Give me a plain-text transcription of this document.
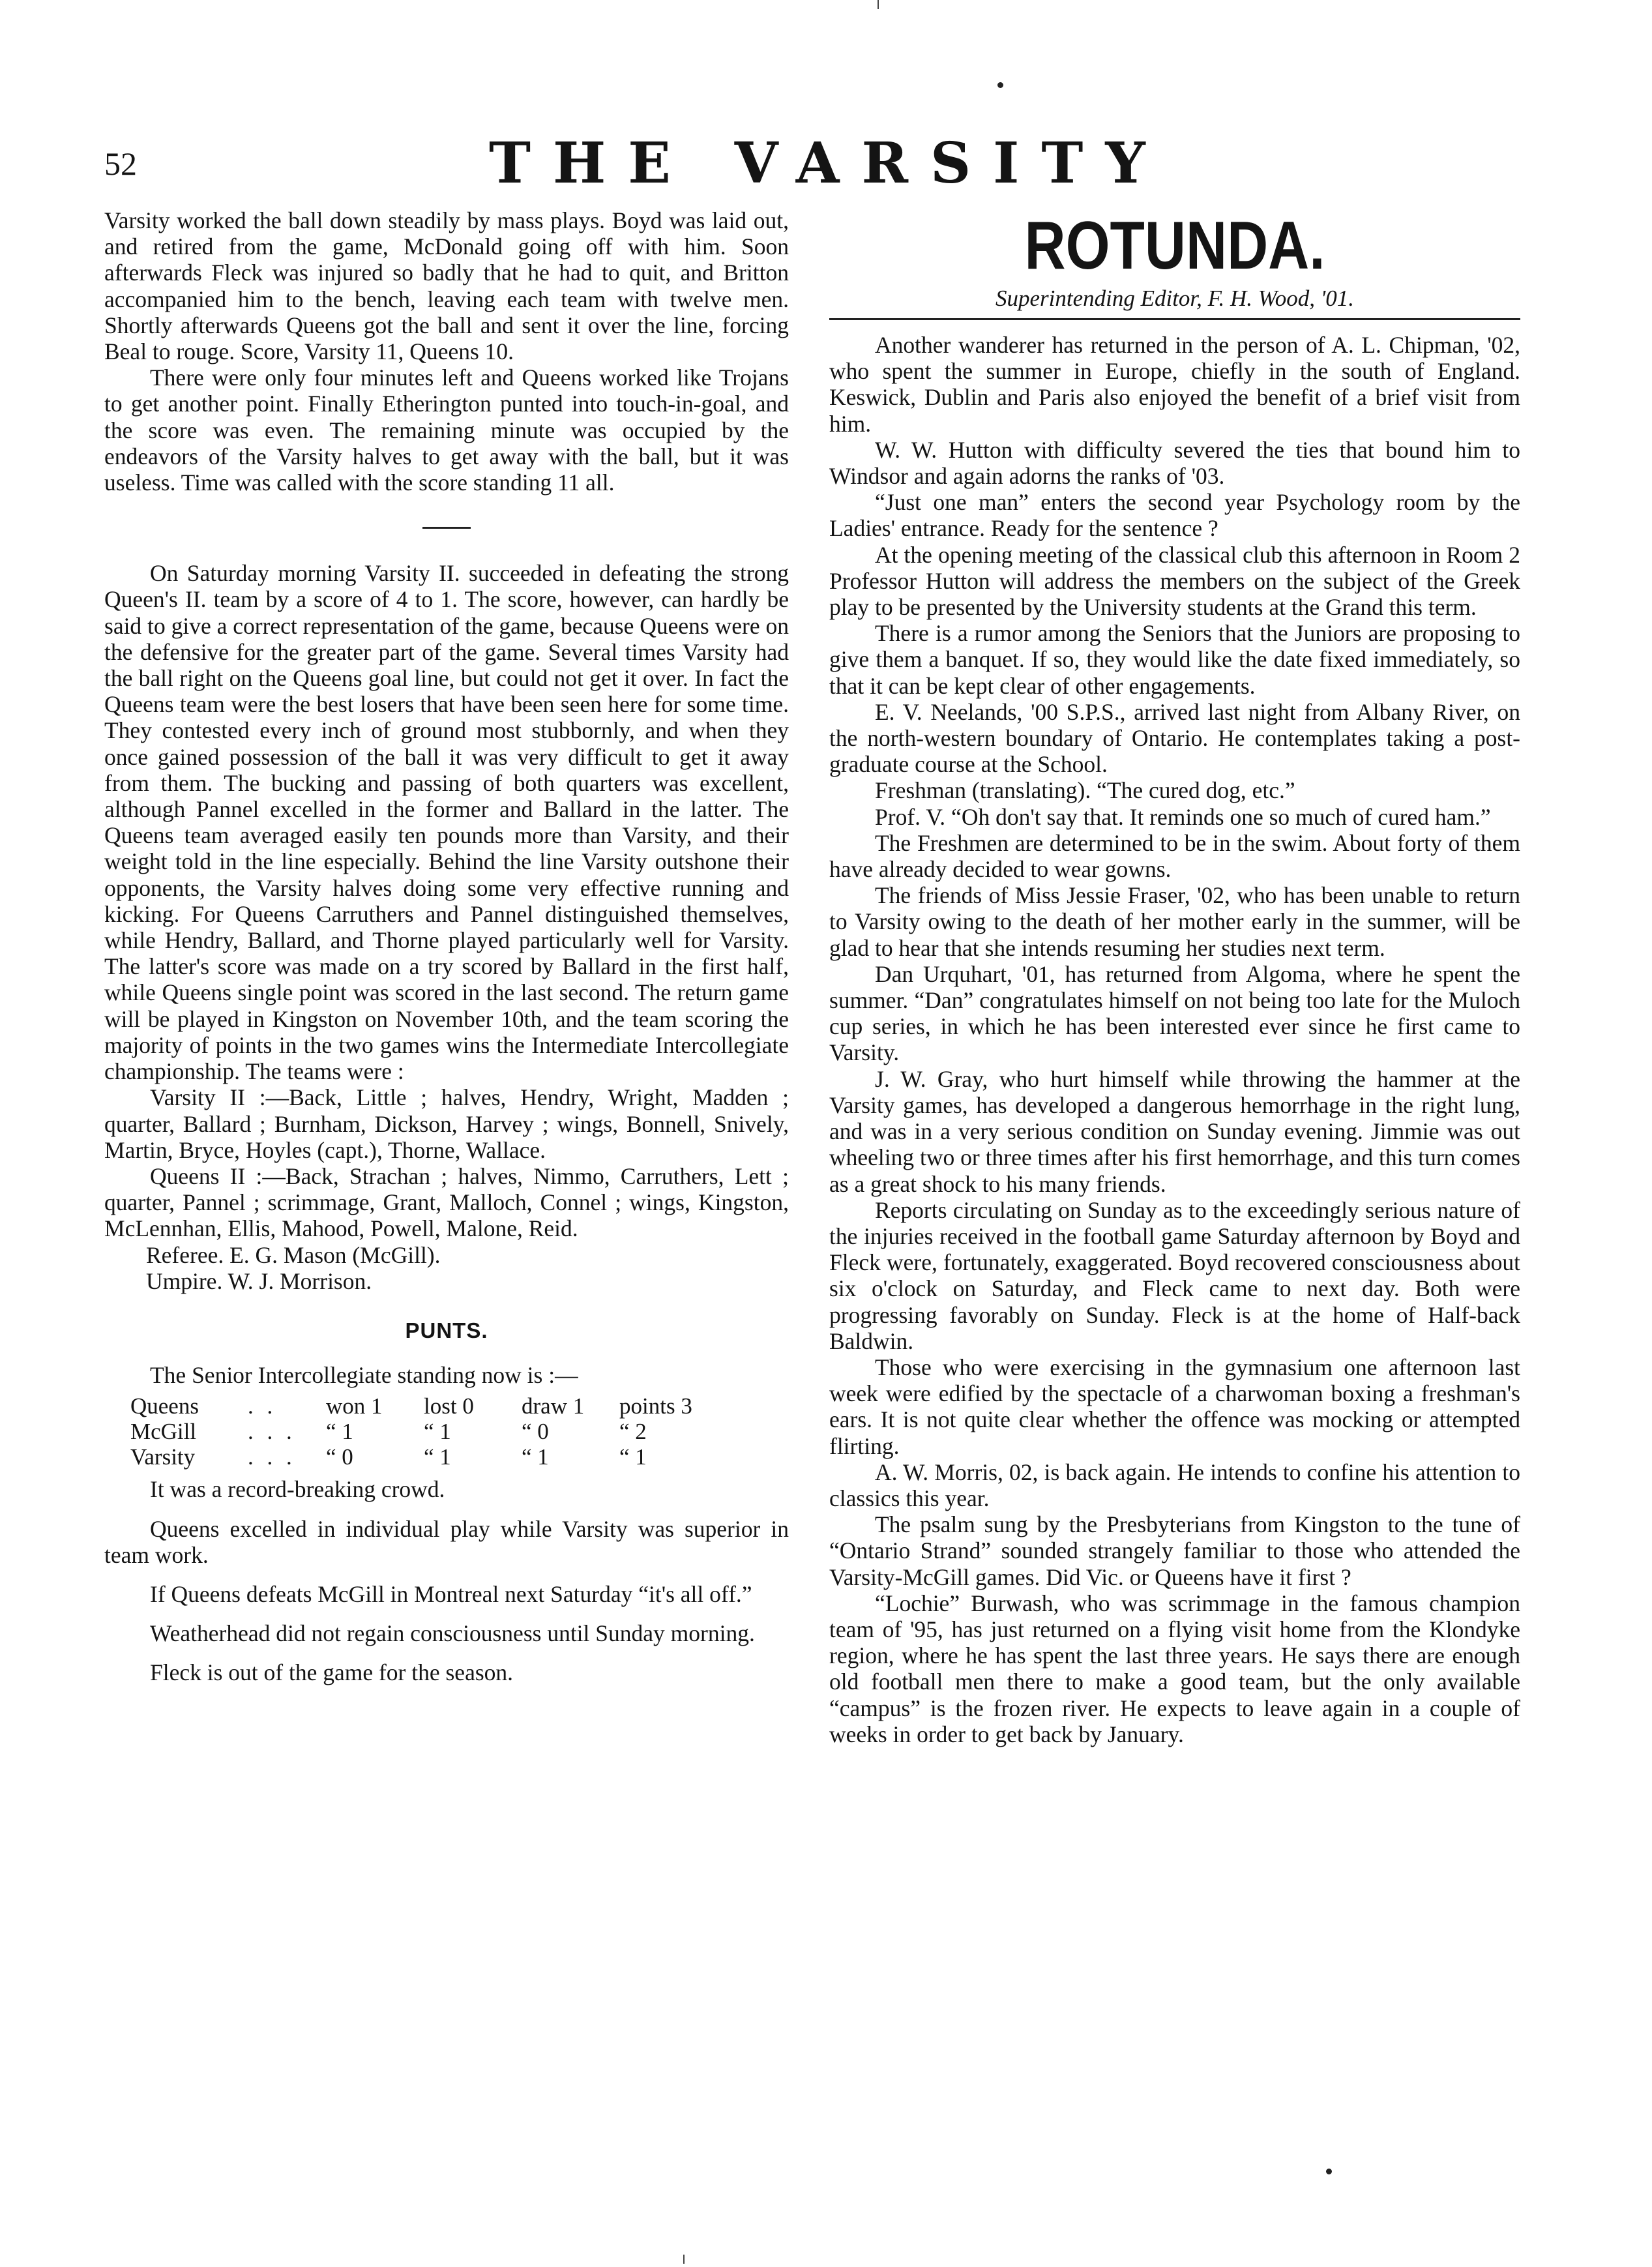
52	THE VARSITY

Varsity worked the ball down steadily by mass plays. Boyd was laid out, and retired from the game, McDonald going off with him. Soon afterwards Fleck was injured so badly that he had to quit, and Britton accompanied him to the bench, leaving each team with twelve men. Shortly afterwards Queens got the ball and sent it over the line, forcing Beal to rouge. Score, Varsity 11, Queens 10.

There were only four minutes left and Queens worked like Trojans to get another point. Finally Etherington punted into touch-in-goal, and the score was even. The remaining minute was occupied by the endeavors of the Varsity halves to get away with the ball, but it was useless. Time was called with the score standing 11 all.

On Saturday morning Varsity II. succeeded in defeating the strong Queen's II. team by a score of 4 to 1. The score, however, can hardly be said to give a correct representation of the game, because Queens were on the defensive for the greater part of the game. Several times Varsity had the ball right on the Queens goal line, but could not get it over. In fact the Queens team were the best losers that have been seen here for some time. They contested every inch of ground most stubbornly, and when they once gained possession of the ball it was very difficult to get it away from them. The bucking and passing of both quarters was excellent, although Pannel excelled in the former and Ballard in the latter. The Queens team averaged easily ten pounds more than Varsity, and their weight told in the line especially. Behind the line Varsity outshone their opponents, the Varsity halves doing some very effective running and kicking. For Queens Carruthers and Pannel distinguished themselves, while Hendry, Ballard, and Thorne played particularly well for Varsity. The latter's score was made on a try scored by Ballard in the first half, while Queens single point was scored in the last second. The return game will be played in Kingston on November 10th, and the team scoring the majority of points in the two games wins the Intermediate Intercollegiate championship. The teams were :

Varsity II :—Back, Little ; halves, Hendry, Wright, Madden ; quarter, Ballard ; Burnham, Dickson, Harvey ; wings, Bonnell, Snively, Martin, Bryce, Hoyles (capt.), Thorne, Wallace.

Queens II :—Back, Strachan ; halves, Nimmo, Carruthers, Lett ; quarter, Pannel ; scrimmage, Grant, Malloch, Connel ; wings, Kingston, McLennhan, Ellis, Mahood, Powell, Malone, Reid.

Referee. E. G. Mason (McGill).

Umpire. W. J. Morrison.

PUNTS.

The Senior Intercollegiate standing now is :—

Queens	. .	won 1	lost 0	draw 1	points 3
McGill	. . .	“ 1	“ 1	“ 0	“ 2
Varsity	. . .	“ 0	“ 1	“ 1	“ 1

It was a record-breaking crowd.

Queens excelled in individual play while Varsity was superior in team work.

If Queens defeats McGill in Montreal next Saturday “it's all off.”

Weatherhead did not regain consciousness until Sunday morning.

Fleck is out of the game for the season.

ROTUNDA.
Superintending Editor, F. H. Wood, '01.

Another wanderer has returned in the person of A. L. Chipman, '02, who spent the summer in Europe, chiefly in the south of England. Keswick, Dublin and Paris also enjoyed the benefit of a brief visit from him.

W. W. Hutton with difficulty severed the ties that bound him to Windsor and again adorns the ranks of '03.

“Just one man” enters the second year Psychology room by the Ladies' entrance. Ready for the sentence ?

At the opening meeting of the classical club this afternoon in Room 2 Professor Hutton will address the members on the subject of the Greek play to be presented by the University students at the Grand this term.

There is a rumor among the Seniors that the Juniors are proposing to give them a banquet. If so, they would like the date fixed immediately, so that it can be kept clear of other engagements.

E. V. Neelands, '00 S.P.S., arrived last night from Albany River, on the north-western boundary of Ontario. He contemplates taking a post-graduate course at the School.

Freshman (translating). “The cured dog, etc.”

Prof. V. “Oh don't say that. It reminds one so much of cured ham.”

The Freshmen are determined to be in the swim. About forty of them have already decided to wear gowns.

The friends of Miss Jessie Fraser, '02, who has been unable to return to Varsity owing to the death of her mother early in the summer, will be glad to hear that she intends resuming her studies next term.

Dan Urquhart, '01, has returned from Algoma, where he spent the summer. “Dan” congratulates himself on not being too late for the Muloch cup series, in which he has been interested ever since he first came to Varsity.

J. W. Gray, who hurt himself while throwing the hammer at the Varsity games, has developed a dangerous hemorrhage in the right lung, and was in a very serious condition on Sunday evening. Jimmie was out wheeling two or three times after his first hemorrhage, and this turn comes as a great shock to his many friends.

Reports circulating on Sunday as to the exceedingly serious nature of the injuries received in the football game Saturday afternoon by Boyd and Fleck were, fortunately, exaggerated. Boyd recovered consciousness about six o'clock on Saturday, and Fleck came to next day. Both were progressing favorably on Sunday. Fleck is at the home of Half-back Baldwin.

Those who were exercising in the gymnasium one afternoon last week were edified by the spectacle of a charwoman boxing a freshman's ears. It is not quite clear whether the offence was mocking or attempted flirting.

A. W. Morris, 02, is back again. He intends to confine his attention to classics this year.

The psalm sung by the Presbyterians from Kingston to the tune of “Ontario Strand” sounded strangely familiar to those who attended the Varsity-McGill games. Did Vic. or Queens have it first ?

“Lochie” Burwash, who was scrimmage in the famous champion team of '95, has just returned on a flying visit home from the Klondyke region, where he has spent the last three years. He says there are enough old football men there to make a good team, but the only available “campus” is the frozen river. He expects to leave again in a couple of weeks in order to get back by January.
